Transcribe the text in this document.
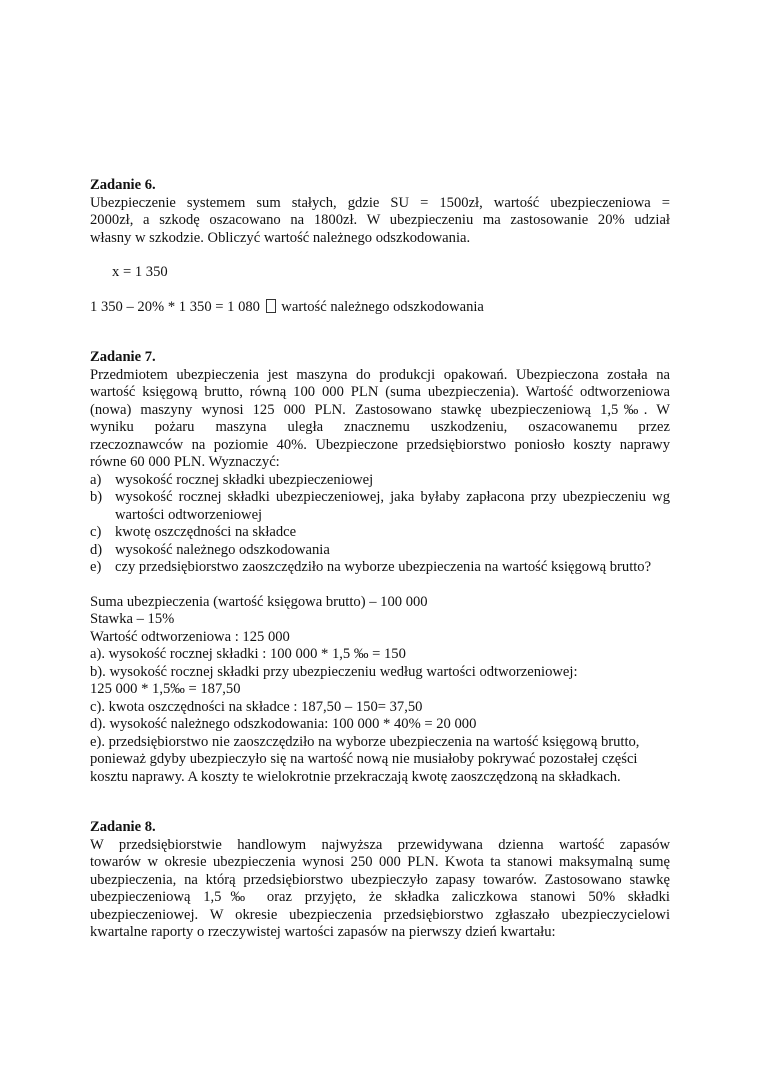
Zadanie 6.
Ubezpieczenie systemem sum stałych, gdzie SU = 1500zł, wartość ubezpieczeniowa =
2000zł, a szkodę oszacowano na 1800zł. W ubezpieczeniu ma zastosowanie 20% udział
własny w szkodzie. Obliczyć wartość należnego odszkodowania.
x = 1 350
1 350 – 20% * 1 350 = 1 080 wartość należnego odszkodowania
Zadanie 7.
Przedmiotem ubezpieczenia jest maszyna do produkcji opakowań. Ubezpieczona została na
wartość księgową brutto, równą 100 000 PLN (suma ubezpieczenia). Wartość odtworzeniowa
(nowa) maszyny wynosi 125 000 PLN. Zastosowano stawkę ubezpieczeniową 1,5‰. W
wyniku pożaru maszyna uległa znacznemu uszkodzeniu, oszacowanemu przez
rzeczoznawców na poziomie 40%. Ubezpieczone przedsiębiorstwo poniosło koszty naprawy
równe 60 000 PLN. Wyznaczyć:
a) wysokość rocznej składki ubezpieczeniowej
b) wysokość rocznej składki ubezpieczeniowej, jaka byłaby zapłacona przy ubezpieczeniu wg wartości odtworzeniowej
c) kwotę oszczędności na składce
d) wysokość należnego odszkodowania
e) czy przedsiębiorstwo zaoszczędziło na wyborze ubezpieczenia na wartość księgową brutto?
Suma ubezpieczenia (wartość księgowa brutto) – 100 000
Stawka – 15%
Wartość odtworzeniowa : 125 000
a). wysokość rocznej składki : 100 000 * 1,5 ‰ = 150
b). wysokość rocznej składki przy ubezpieczeniu według wartości odtworzeniowej:
125 000 * 1,5‰ = 187,50
c). kwota oszczędności na składce : 187,50 – 150= 37,50
d). wysokość należnego odszkodowania: 100 000 * 40% = 20 000
e). przedsiębiorstwo nie zaoszczędziło na wyborze ubezpieczenia na wartość księgową brutto,
ponieważ gdyby ubezpieczyło się na wartość nową nie musiałoby pokrywać pozostałej części
kosztu naprawy. A koszty te wielokrotnie przekraczają kwotę zaoszczędzoną na składkach.
Zadanie 8.
W przedsiębiorstwie handlowym najwyższa przewidywana dzienna wartość zapasów
towarów w okresie ubezpieczenia wynosi 250 000 PLN. Kwota ta stanowi maksymalną sumę
ubezpieczenia, na którą przedsiębiorstwo ubezpieczyło zapasy towarów. Zastosowano stawkę
ubezpieczeniową 1,5‰ oraz przyjęto, że składka zaliczkowa stanowi 50% składki
ubezpieczeniowej. W okresie ubezpieczenia przedsiębiorstwo zgłaszało ubezpieczycielowi
kwartalne raporty o rzeczywistej wartości zapasów na pierwszy dzień kwartału:
